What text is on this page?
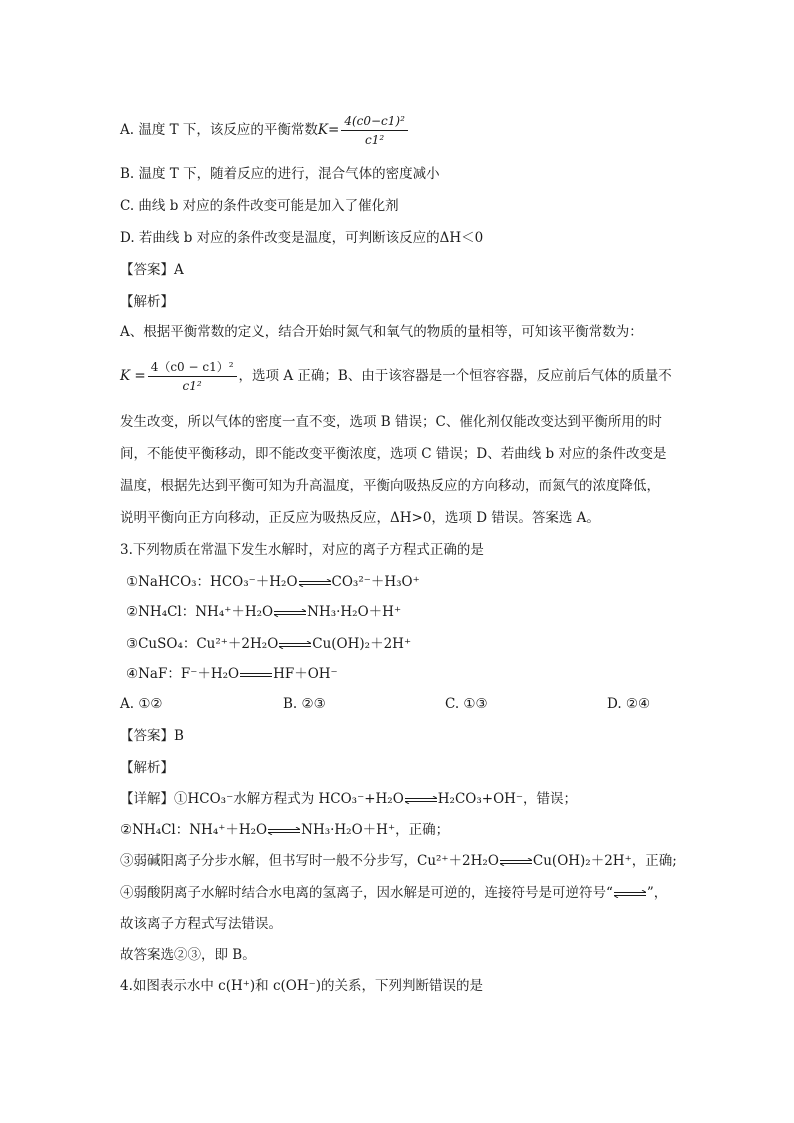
A. 温度 T 下，该反应的平衡常数$K= \frac{\text{4(c0−c1)²}}{\text{c1²}}$
B. 温度 T 下，随着反应的进行，混合气体的密度减小
C. 曲线 b 对应的条件改变可能是加入了催化剂
D. 若曲线 b 对应的条件改变是温度，可判断该反应的ΔH＜0
【答案】A
【解析】
A、根据平衡常数的定义，结合开始时氮气和氧气的物质的量相等，可知该平衡常数为：
$K = \frac{\text{4（c0 − c1）²}}{\text{c1²}}$ ，选项 A 正确；B、由于该容器是一个恒容容器，反应前后气体的质量不
发生改变，所以气体的密度一直不变，选项 B 错误；C、催化剂仅能改变达到平衡所用的时
间，不能使平衡移动，即不能改变平衡浓度，选项 C 错误；D、若曲线 b 对应的条件改变是
温度，根据先达到平衡可知为升高温度，平衡向吸热反应的方向移动，而氮气的浓度降低，
说明平衡向正方向移动，正反应为吸热反应，ΔH>0，选项 D 错误。答案选 A。
3.下列物质在常温下发生水解时，对应的离子方程式正确的是
①NaHCO₃：HCO₃⁻＋H₂O⇌CO₃²⁻＋H₃O⁺
②NH₄Cl：NH₄⁺＋H₂O⇌NH₃·H₂O＋H⁺
③CuSO₄：Cu²⁺＋2H₂O⇌Cu(OH)₂＋2H⁺
④NaF：F⁻＋H₂O	HF＋OH⁻
A. ①②	B. ②③	C. ①③	D. ②④
【答案】B
【解析】
【详解】①HCO₃⁻水解方程式为 HCO₃⁻+H₂O⇌H₂CO₃+OH⁻，错误；
②NH₄Cl：NH₄⁺＋H₂O⇌NH₃·H₂O＋H⁺，正确；
③弱碱阳离子分步水解，但书写时一般不分步写，Cu²⁺＋2H₂O⇌Cu(OH)₂＋2H⁺，正确;
④弱酸阴离子水解时结合水电离的氢离子，因水解是可逆的，连接符号是可逆符号“⇌”，
故该离子方程式写法错误。
故答案选②③，即 B。
4.如图表示水中 c(H⁺)和 c(OH⁻)的关系，下列判断错误的是
